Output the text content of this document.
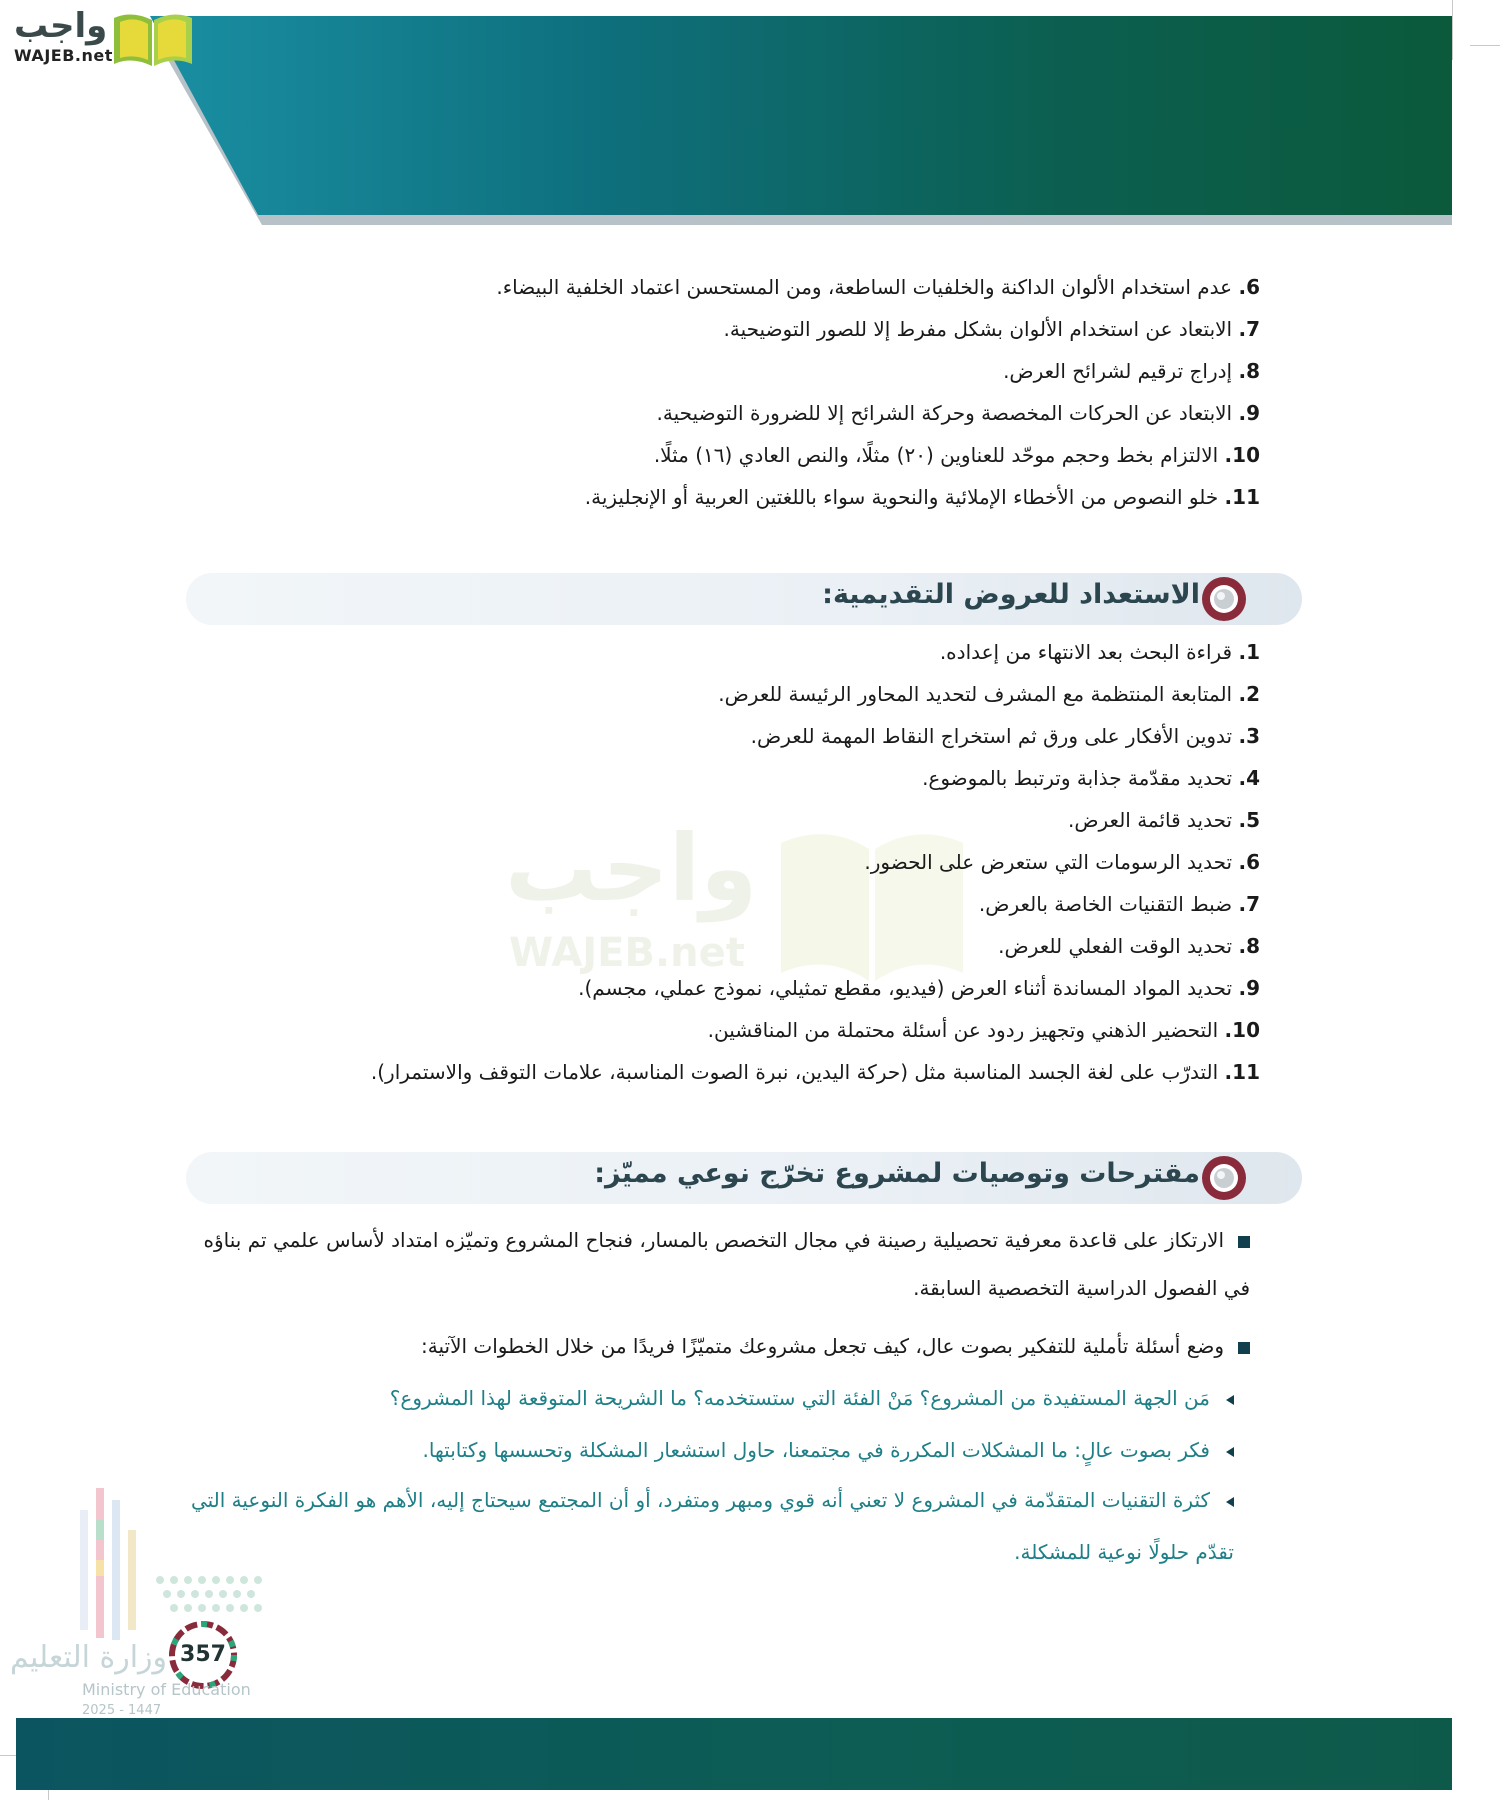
واجب
WAJEB.net
6. عدم استخدام الألوان الداكنة والخلفيات الساطعة، ومن المستحسن اعتماد الخلفية البيضاء.
7. الابتعاد عن استخدام الألوان بشكل مفرط إلا للصور التوضيحية.
8. إدراج ترقيم لشرائح العرض.
9. الابتعاد عن الحركات المخصصة وحركة الشرائح إلا للضرورة التوضيحية.
10. الالتزام بخط وحجم موحّد للعناوين (٢٠) مثلًا، والنص العادي (١٦) مثلًا.
11. خلو النصوص من الأخطاء الإملائية والنحوية سواء باللغتين العربية أو الإنجليزية.
الاستعداد للعروض التقديمية:
واجب
WAJEB.net
1. قراءة البحث بعد الانتهاء من إعداده.
2. المتابعة المنتظمة مع المشرف لتحديد المحاور الرئيسة للعرض.
3. تدوين الأفكار على ورق ثم استخراج النقاط المهمة للعرض.
4. تحديد مقدّمة جذابة وترتبط بالموضوع.
5. تحديد قائمة العرض.
6. تحديد الرسومات التي ستعرض على الحضور.
7. ضبط التقنيات الخاصة بالعرض.
8. تحديد الوقت الفعلي للعرض.
9. تحديد المواد المساندة أثناء العرض (فيديو، مقطع تمثيلي، نموذج عملي، مجسم).
10. التحضير الذهني وتجهيز ردود عن أسئلة محتملة من المناقشين.
11. التدرّب على لغة الجسد المناسبة مثل (حركة اليدين، نبرة الصوت المناسبة، علامات التوقف والاستمرار).
مقترحات وتوصيات لمشروع تخرّج نوعي مميّز:
الارتكاز على قاعدة معرفية تحصيلية رصينة في مجال التخصص بالمسار، فنجاح المشروع وتميّزه امتداد لأساس علمي تم بناؤه في الفصول الدراسية التخصصية السابقة.
وضع أسئلة تأملية للتفكير بصوت عال، كيف تجعل مشروعك متميّزًا فريدًا من خلال الخطوات الآتية:
مَن الجهة المستفيدة من المشروع؟ مَنْ الفئة التي ستستخدمه؟ ما الشريحة المتوقعة لهذا المشروع؟
فكر بصوت عالٍ: ما المشكلات المكررة في مجتمعنا، حاول استشعار المشكلة وتحسسها وكتابتها.
كثرة التقنيات المتقدّمة في المشروع لا تعني أنه قوي ومبهر ومتفرد، أو أن المجتمع سيحتاج إليه، الأهم هو الفكرة النوعية التي تقدّم حلولًا نوعية للمشكلة.
357
وزارة التعليم
Ministry of Education
2025 - 1447
